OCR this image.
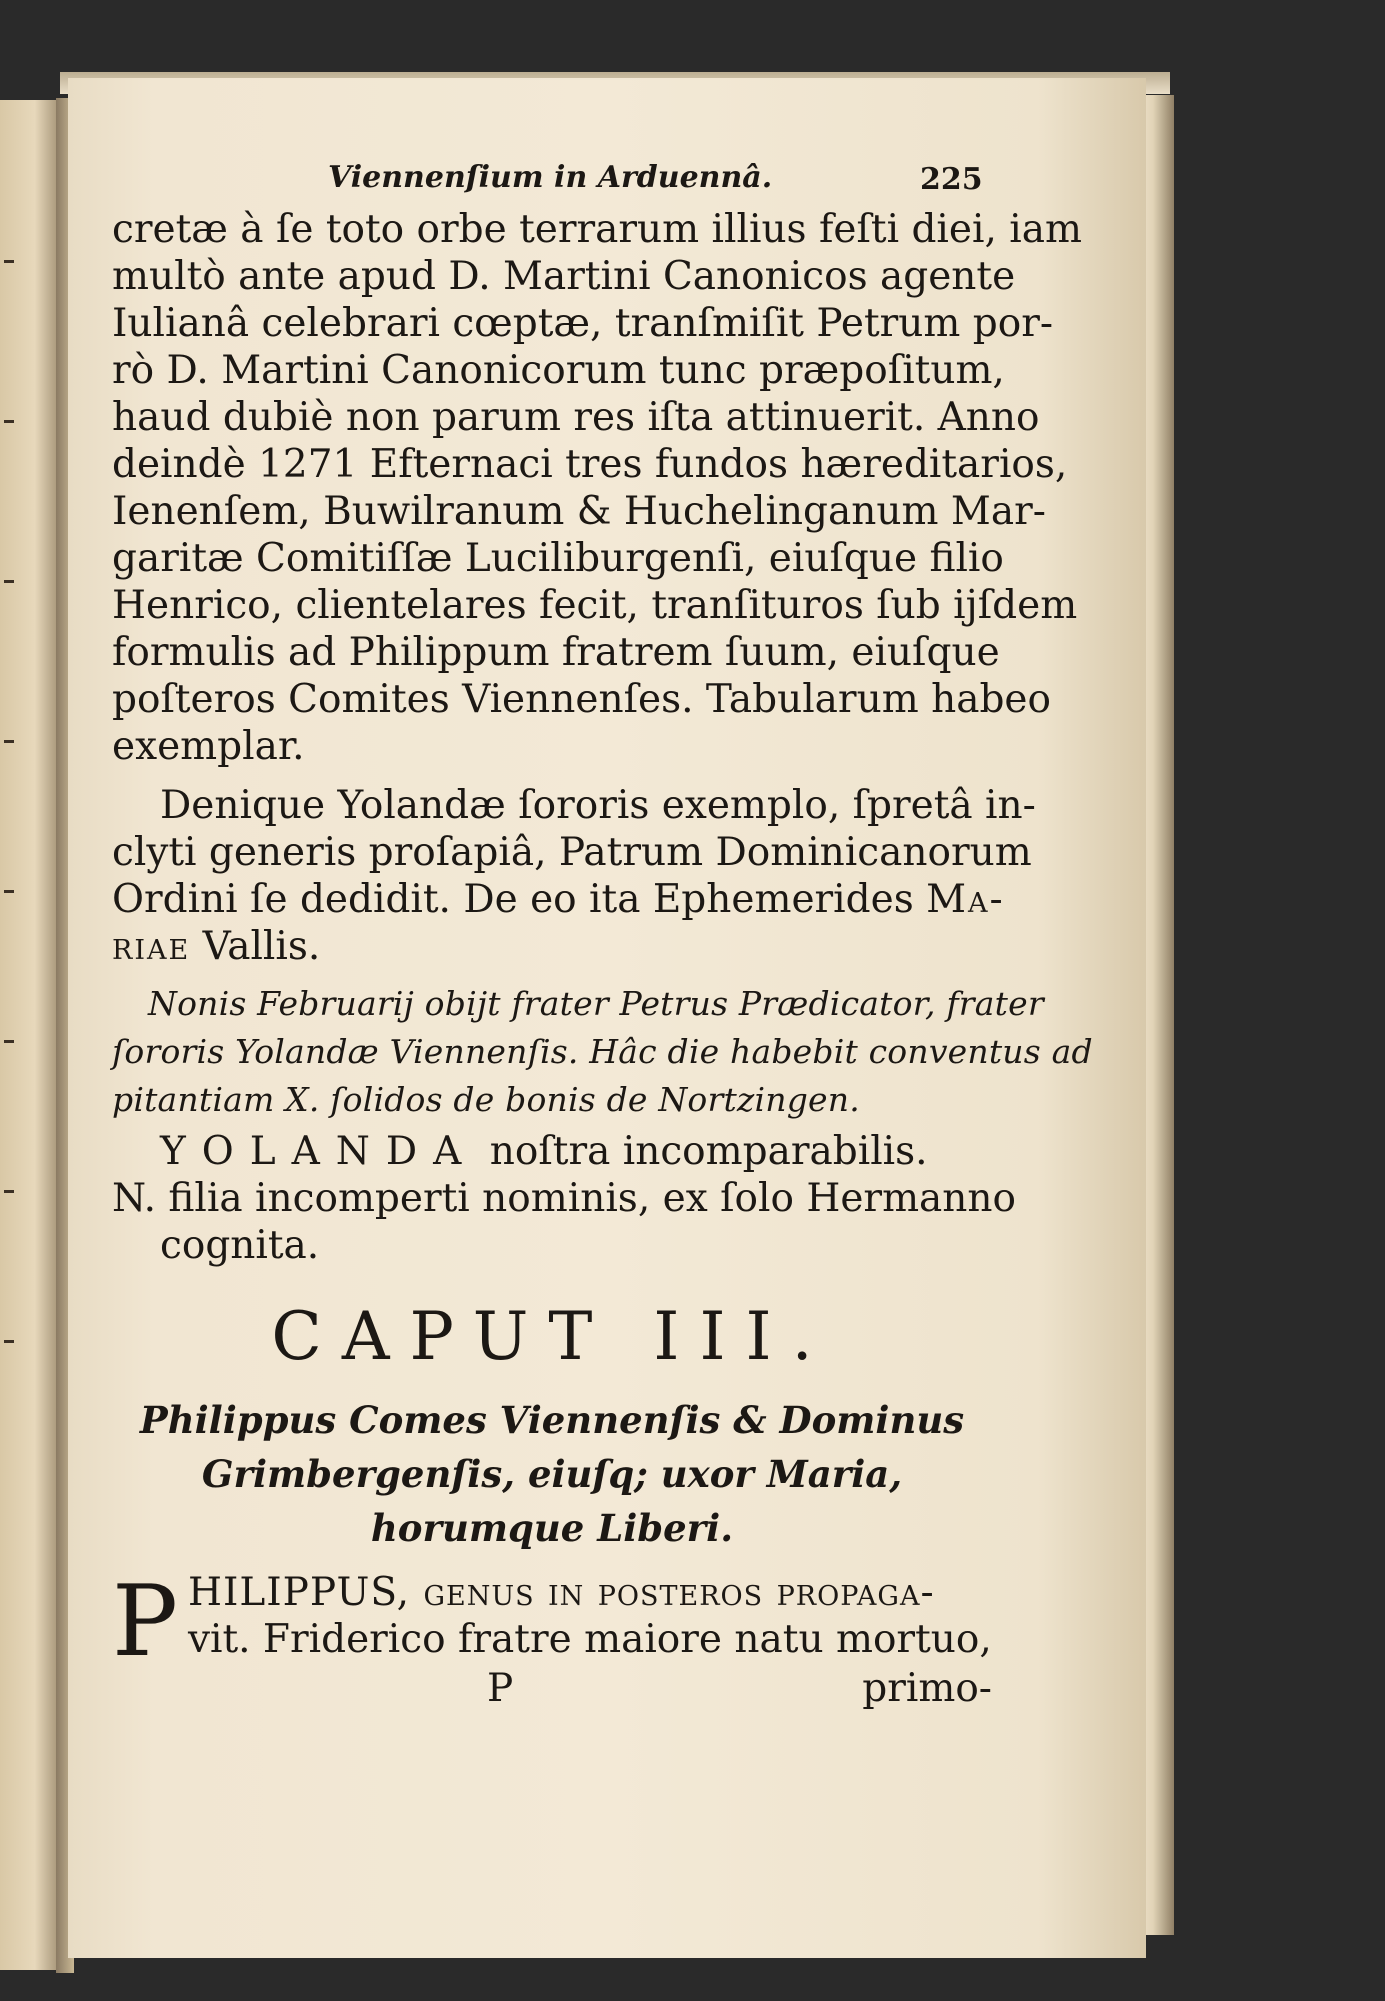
Viennenſium in Arduennâ.	225
cretæ à ſe toto orbe terrarum illius feſti diei, iam
multò ante apud D. Martini Canonicos agente
Iulianâ celebrari cœptæ, tranſmiſit Petrum por-
rò D. Martini Canonicorum tunc præpoſitum,
haud dubiè non parum res iſta attinuerit. Anno
deindè 1271 Efternaci tres fundos hæreditarios,
Ienenſem, Buwilranum & Huchelinganum Mar-
garitæ Comitiſſæ Luciliburgenſi, eiuſque filio
Henrico, clientelares fecit, tranſituros ſub ijſdem
formulis ad Philippum fratrem ſuum, eiuſque
poſteros Comites Viennenſes. Tabularum habeo
exemplar.
Denique Yolandæ ſororis exemplo, ſpretâ in-
clyti generis proſapiâ, Patrum Dominicanorum
Ordini ſe dedidit. De eo ita Ephemerides Ma-
riae Vallis.
Nonis Februarij obijt frater Petrus Prædicator, frater
ſororis Yolandæ Viennenſis. Hâc die habebit conventus ad
pitantiam X. ſolidos de bonis de Nortzingen.
YOLANDA noſtra incomparabilis.
N. filia incomperti nominis, ex ſolo Hermanno
cognita.
CAPUT III.
Philippus Comes Viennenſis & Dominus
Grimbergenſis, eiuſq; uxor Maria,
horumque Liberi.
P HILIPPUS, genus in poſteros propaga-
vit. Friderico fratre maiore natu mortuo,
P	primo-
